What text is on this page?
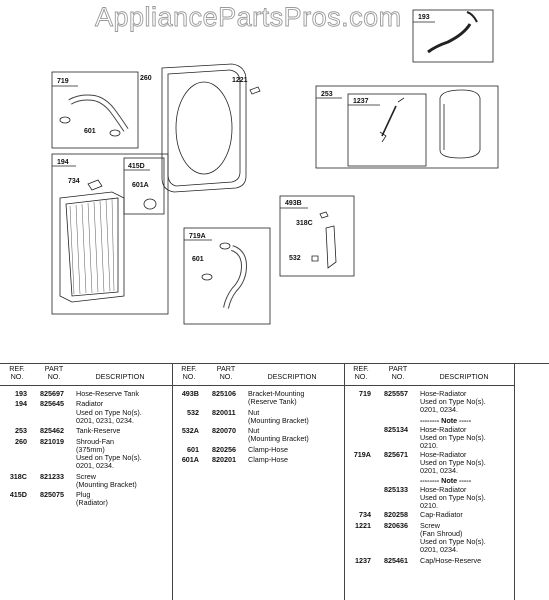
AppliancePartsPros.com 193
719	260
601
1221
253
1237
194
415D
734
601A
719A
601
493B
318C
532
REF.
NO.
PART
NO.	DESCRIPTION
REF.
NO.
PART
NO.	DESCRIPTION
REF.
NO.
PART
NO.	DESCRIPTION
193 825697 Hose-Reserve Tank
194 825645 Radiator
Used on Type No(s).
0201, 0231, 0234.
253 825462 Tank-Reserve
260 821019 Shroud-Fan
(375mm)
Used on Type No(s).
0201, 0234.
318C 821233 Screw
(Mounting Bracket)
415D 825075 Plug
(Radiator)
493B 825106 Bracket-Mounting
(Reserve Tank)
532 820011 Nut
(Mounting Bracket)
532A 820070 Nut
(Mounting Bracket)
601 820256 Clamp-Hose
601A 820201 Clamp-Hose
719 825557 Hose-Radiator
Used on Type No(s).
0201, 0234.
-------- Note -----
825134 Hose-Radiator
Used on Type No(s).
0210.
719A 825671 Hose-Radiator
Used on Type No(s).
0201, 0234.
-------- Note -----
825133 Hose-Radiator
Used on Type No(s).
0210.
734 820258 Cap-Radiator
1221 820636 Screw
(Fan Shroud)
Used on Type No(s).
0201, 0234.
1237 825461 Cap/Hose-Reserve
